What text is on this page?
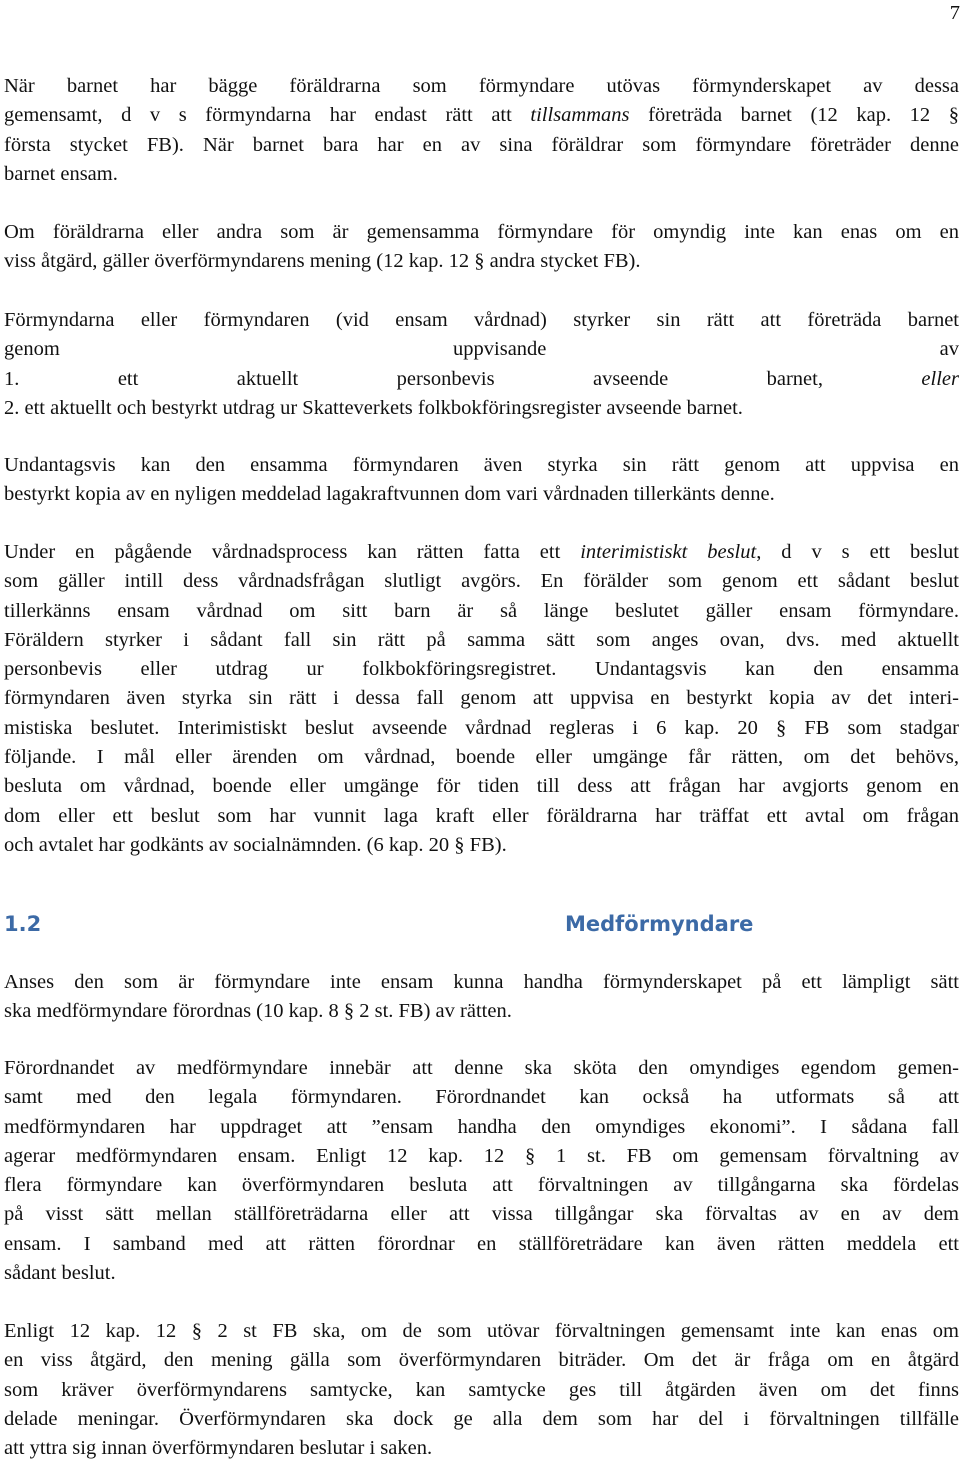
7
När barnet har bägge föräldrarna som förmyndare utövas förmynderskapet av dessa
gemensamt, d v s förmyndarna har endast rätt att tillsammans företräda barnet (12 kap. 12 §
första stycket FB). När barnet bara har en av sina föräldrar som förmyndare företräder denne
barnet ensam.
Om föräldrarna eller andra som är gemensamma förmyndare för omyndig inte kan enas om en
viss åtgärd, gäller överförmyndarens mening (12 kap. 12 § andra stycket FB).
Förmyndarna eller förmyndaren (vid ensam vårdnad) styrker sin rätt att företräda barnet
genom uppvisande av
1. ett aktuellt personbevis avseende barnet, eller
2. ett aktuellt och bestyrkt utdrag ur Skatteverkets folkbokföringsregister avseende barnet.
Undantagsvis kan den ensamma förmyndaren även styrka sin rätt genom att uppvisa en
bestyrkt kopia av en nyligen meddelad lagakraftvunnen dom vari vårdnaden tillerkänts denne.
Under en pågående vårdnadsprocess kan rätten fatta ett interimistiskt beslut, d v s ett beslut
som gäller intill dess vårdnadsfrågan slutligt avgörs. En förälder som genom ett sådant beslut
tillerkänns ensam vårdnad om sitt barn är så länge beslutet gäller ensam förmyndare.
Föräldern styrker i sådant fall sin rätt på samma sätt som anges ovan, dvs. med aktuellt
personbevis eller utdrag ur folkbokföringsregistret. Undantagsvis kan den ensamma
förmyndaren även styrka sin rätt i dessa fall genom att uppvisa en bestyrkt kopia av det interi-
mistiska beslutet. Interimistiskt beslut avseende vårdnad regleras i 6 kap. 20 § FB som stadgar
följande. I mål eller ärenden om vårdnad, boende eller umgänge får rätten, om det behövs,
besluta om vårdnad, boende eller umgänge för tiden till dess att frågan har avgjorts genom en
dom eller ett beslut som har vunnit laga kraft eller föräldrarna har träffat ett avtal om frågan
och avtalet har godkänts av socialnämnden. (6 kap. 20 § FB).
Anses den som är förmyndare inte ensam kunna handha förmynderskapet på ett lämpligt sätt
ska medförmyndare förordnas (10 kap. 8 § 2 st. FB) av rätten.
Förordnandet av medförmyndare innebär att denne ska sköta den omyndiges egendom gemen-
samt med den legala förmyndaren. Förordnandet kan också ha utformats så att
medförmyndaren har uppdraget att ”ensam handha den omyndiges ekonomi”. I sådana fall
agerar medförmyndaren ensam. Enligt 12 kap. 12 § 1 st. FB om gemensam förvaltning av
flera förmyndare kan överförmyndaren besluta att förvaltningen av tillgångarna ska fördelas
på visst sätt mellan ställföreträdarna eller att vissa tillgångar ska förvaltas av en av dem
ensam. I samband med att rätten förordnar en ställföreträdare kan även rätten meddela ett
sådant beslut.
Enligt 12 kap. 12 § 2 st FB ska, om de som utövar förvaltningen gemensamt inte kan enas om
en viss åtgärd, den mening gälla som överförmyndaren biträder. Om det är fråga om en åtgärd
som kräver överförmyndarens samtycke, kan samtycke ges till åtgärden även om det finns
delade meningar. Överförmyndaren ska dock ge alla dem som har del i förvaltningen tillfälle
att yttra sig innan överförmyndaren beslutar i saken.
1.2	Medförmyndare
